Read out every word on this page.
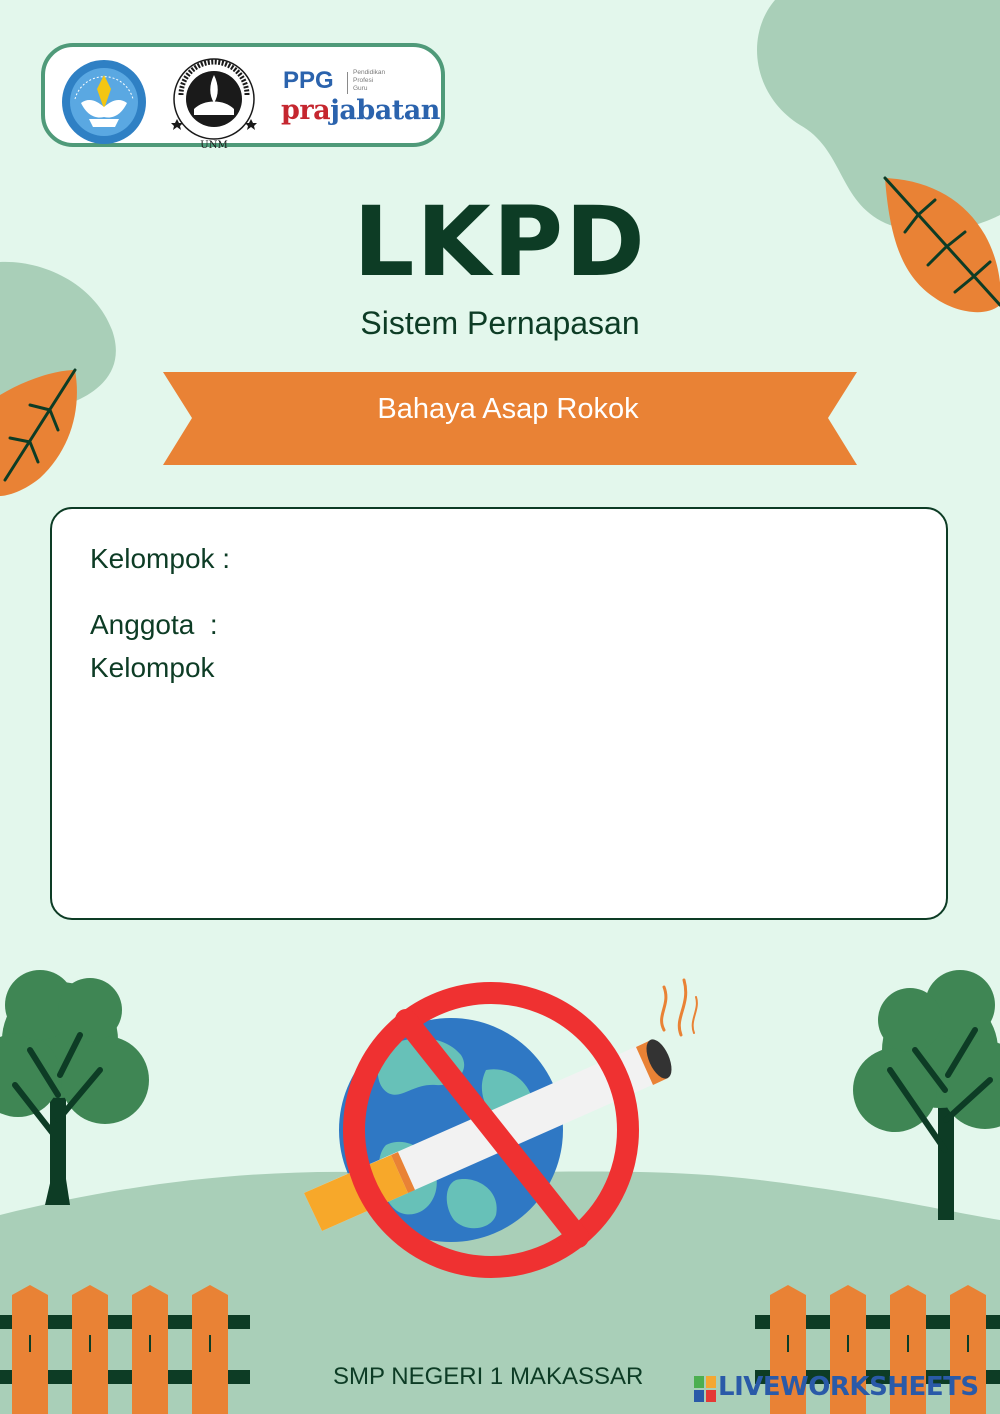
UNM
PPG	Pendidikan
Profesi
Guru
prajabatan
LKPD
Sistem Pernapasan
Bahaya Asap Rokok
Kelompok :
Anggota  :
Kelompok
SMP NEGERI 1 MAKASSAR	LIVEWORKSHEETS
